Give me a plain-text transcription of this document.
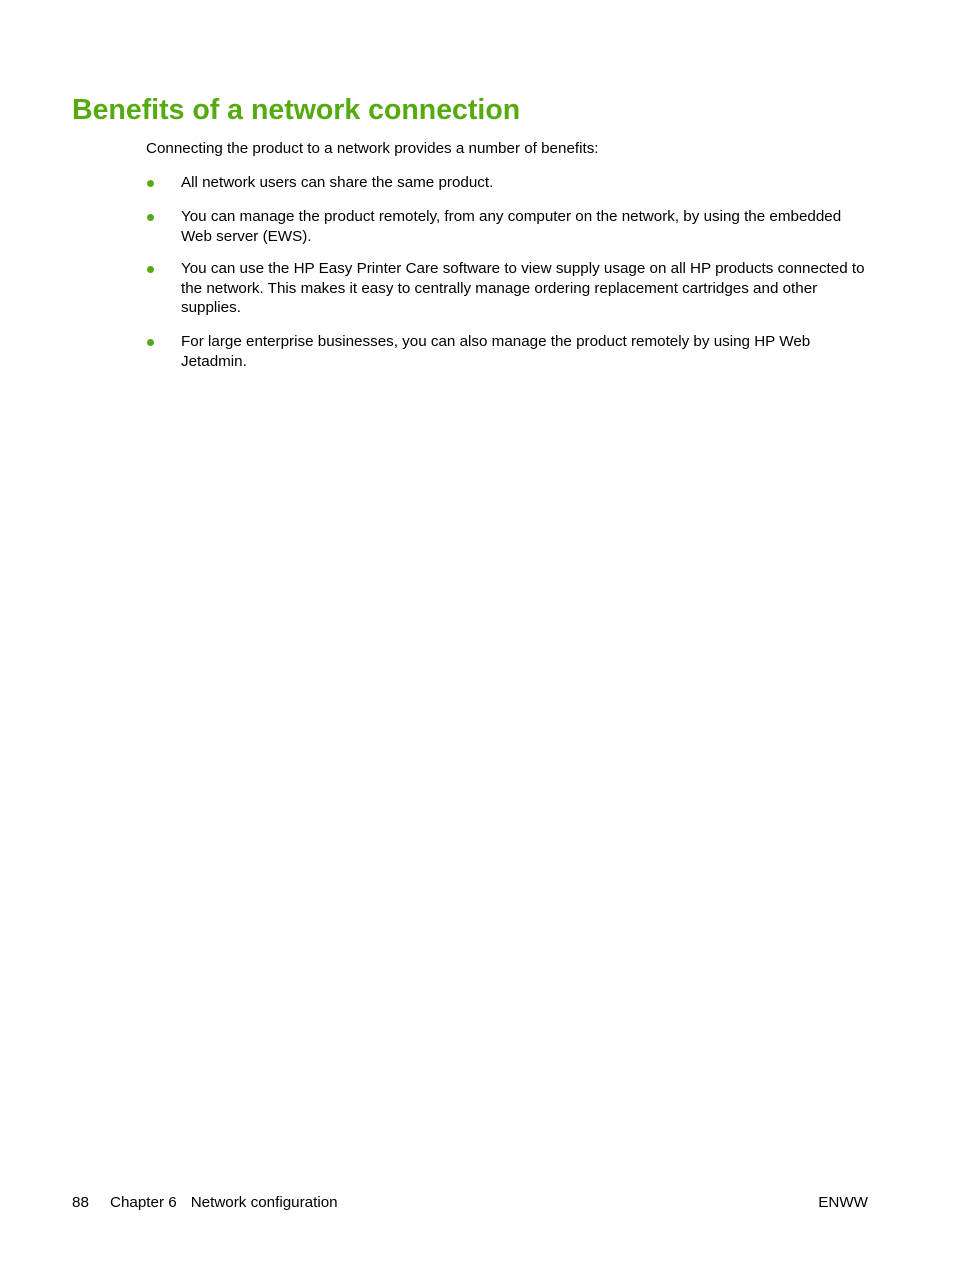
Benefits of a network connection

Connecting the product to a network provides a number of benefits:

All network users can share the same product.
You can manage the product remotely, from any computer on the network, by using the embedded Web server (EWS).
You can use the HP Easy Printer Care software to view supply usage on all HP products connected to the network. This makes it easy to centrally manage ordering replacement cartridges and other supplies.
For large enterprise businesses, you can also manage the product remotely by using HP Web Jetadmin.
88 Chapter 6 Network configuration	ENWW
